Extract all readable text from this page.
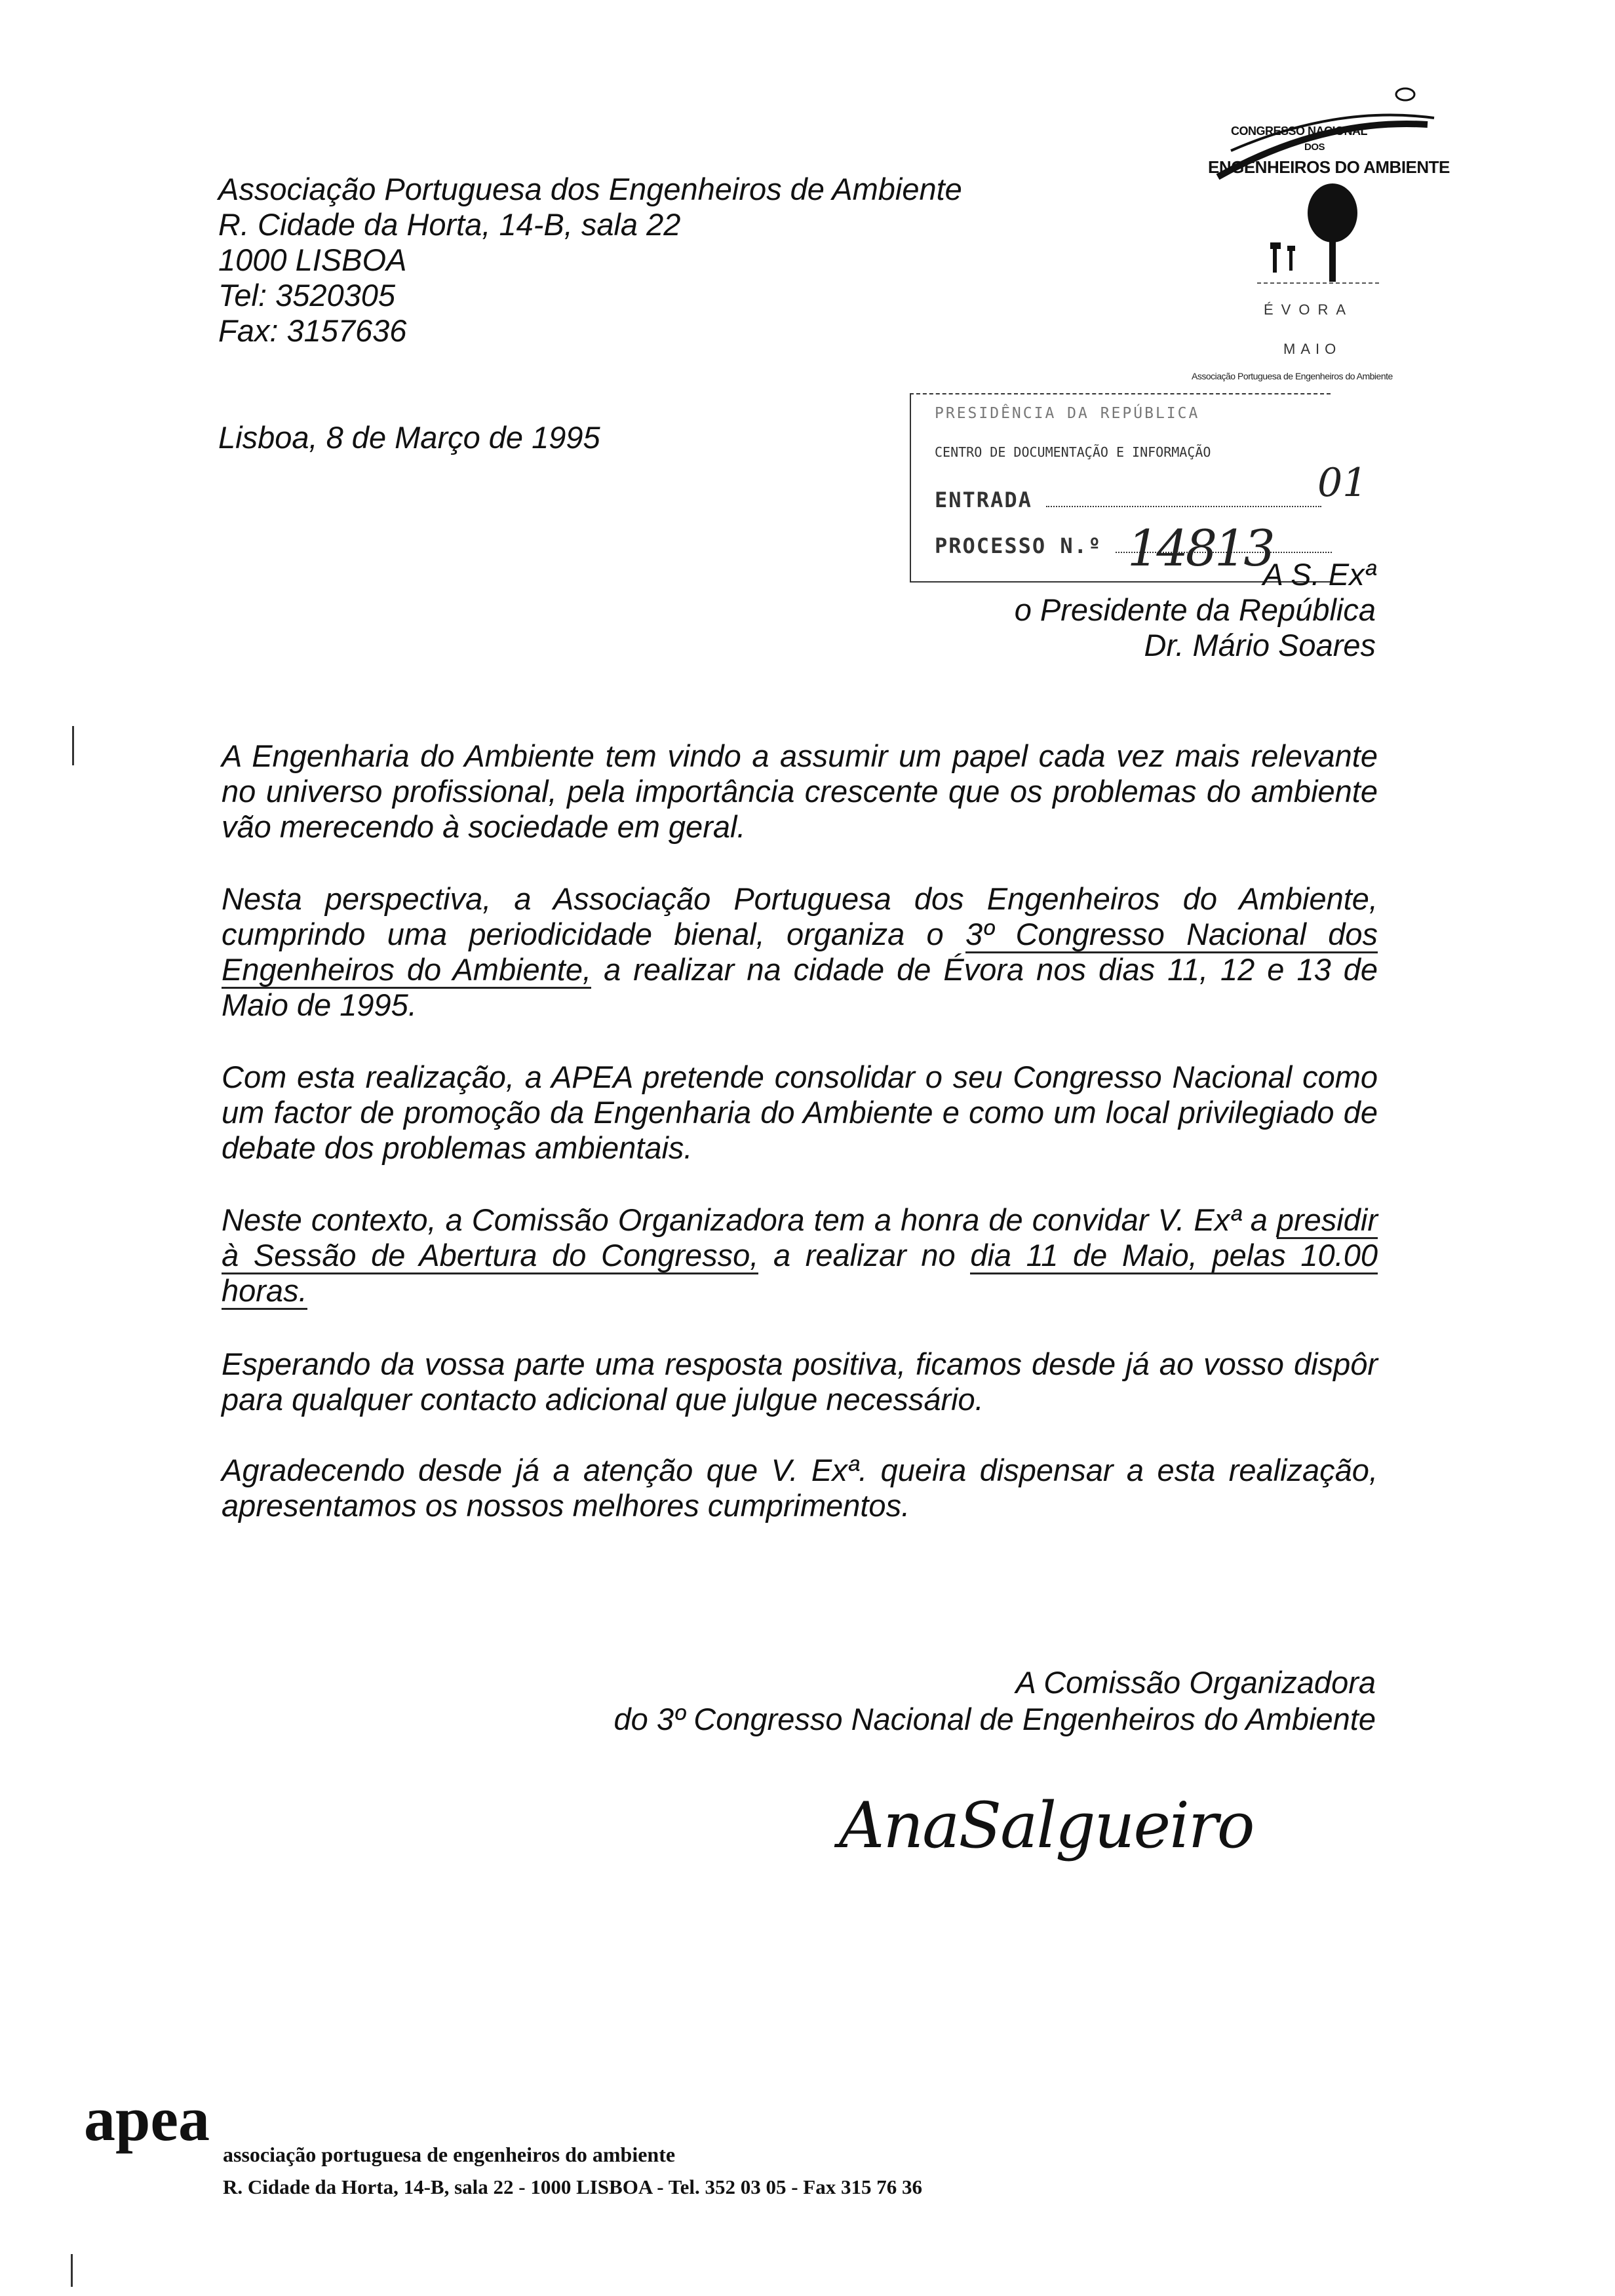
Associação Portuguesa dos Engenheiros de Ambiente
R. Cidade da Horta, 14-B, sala 22
1000 LISBOA
Tel: 3520305
Fax: 3157636
Lisboa, 8 de Março de 1995
CONGRESSO NACIONAL
DOS
ENGENHEIROS DO AMBIENTE
ÉVORA
MAIO
Associação Portuguesa de Engenheiros do Ambiente
PRESIDÊNCIA DA REPÚBLICA
CENTRO DE DOCUMENTAÇÃO E INFORMAÇÃO
ENTRADA
PROCESSO N.º 14813
01
A S. Exª
o Presidente da República
Dr. Mário Soares
A Engenharia do Ambiente tem vindo a assumir um papel cada vez mais relevante no universo profissional, pela importância crescente que os problemas do ambiente vão merecendo à sociedade em geral.
Nesta perspectiva, a Associação Portuguesa dos Engenheiros do Ambiente, cumprindo uma periodicidade bienal, organiza o 3º Congresso Nacional dos Engenheiros do Ambiente, a realizar na cidade de Évora nos dias 11, 12 e 13 de Maio de 1995.
Com esta realização, a APEA pretende consolidar o seu Congresso Nacional como um factor de promoção da Engenharia do Ambiente e como um local privilegiado de debate dos problemas ambientais.
Neste contexto, a Comissão Organizadora tem a honra de convidar V. Exª a presidir à Sessão de Abertura do Congresso, a realizar no dia 11 de Maio, pelas 10.00 horas.
Esperando da vossa parte uma resposta positiva, ficamos desde já ao vosso dispôr para qualquer contacto adicional que julgue necessário.
Agradecendo desde já a atenção que V. Exª. queira dispensar a esta realização, apresentamos os nossos melhores cumprimentos.
A Comissão Organizadora
do 3º Congresso Nacional de Engenheiros do Ambiente
AnaSalgueiro
apea
associação portuguesa de engenheiros do ambiente
R. Cidade da Horta, 14-B, sala 22 - 1000 LISBOA - Tel. 352 03 05 - Fax 315 76 36
